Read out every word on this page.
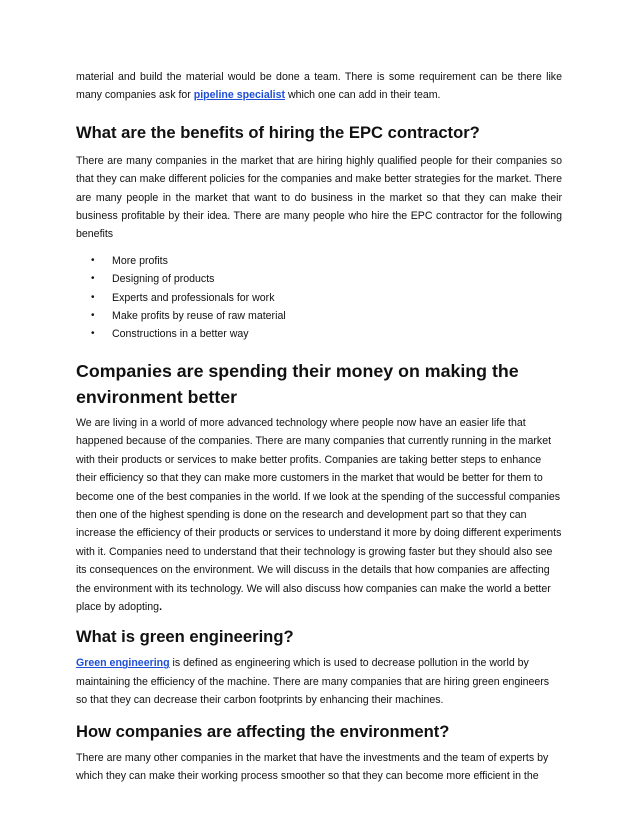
material and build the material would be done a team. There is some requirement can be there like many companies ask for pipeline specialist which one can add in their team.

What are the benefits of hiring the EPC contractor?

There are many companies in the market that are hiring highly qualified people for their companies so that they can make different policies for the companies and make better strategies for the market. There are many people in the market that want to do business in the market so that they can make their business profitable by their idea. There are many people who hire the EPC contractor for the following benefits

• More profits
• Designing of products
• Experts and professionals for work
• Make profits by reuse of raw material
• Constructions in a better way
Companies are spending their money on making the environment better

We are living in a world of more advanced technology where people now have an easier life that happened because of the companies. There are many companies that currently running in the market with their products or services to make better profits. Companies are taking better steps to enhance their efficiency so that they can make more customers in the market that would be better for them to become one of the best companies in the world. If we look at the spending of the successful companies then one of the highest spending is done on the research and development part so that they can increase the efficiency of their products or services to understand it more by doing different experiments with it. Companies need to understand that their technology is growing faster but they should also see its consequences on the environment. We will discuss in the details that how companies are affecting the environment with its technology. We will also discuss how companies can make the world a better place by adopting.

What is green engineering?

Green engineering is defined as engineering which is used to decrease pollution in the world by maintaining the efficiency of the machine. There are many companies that are hiring green engineers so that they can decrease their carbon footprints by enhancing their machines.

How companies are affecting the environment?

There are many other companies in the market that have the investments and the team of experts by which they can make their working process smoother so that they can become more efficient in the
